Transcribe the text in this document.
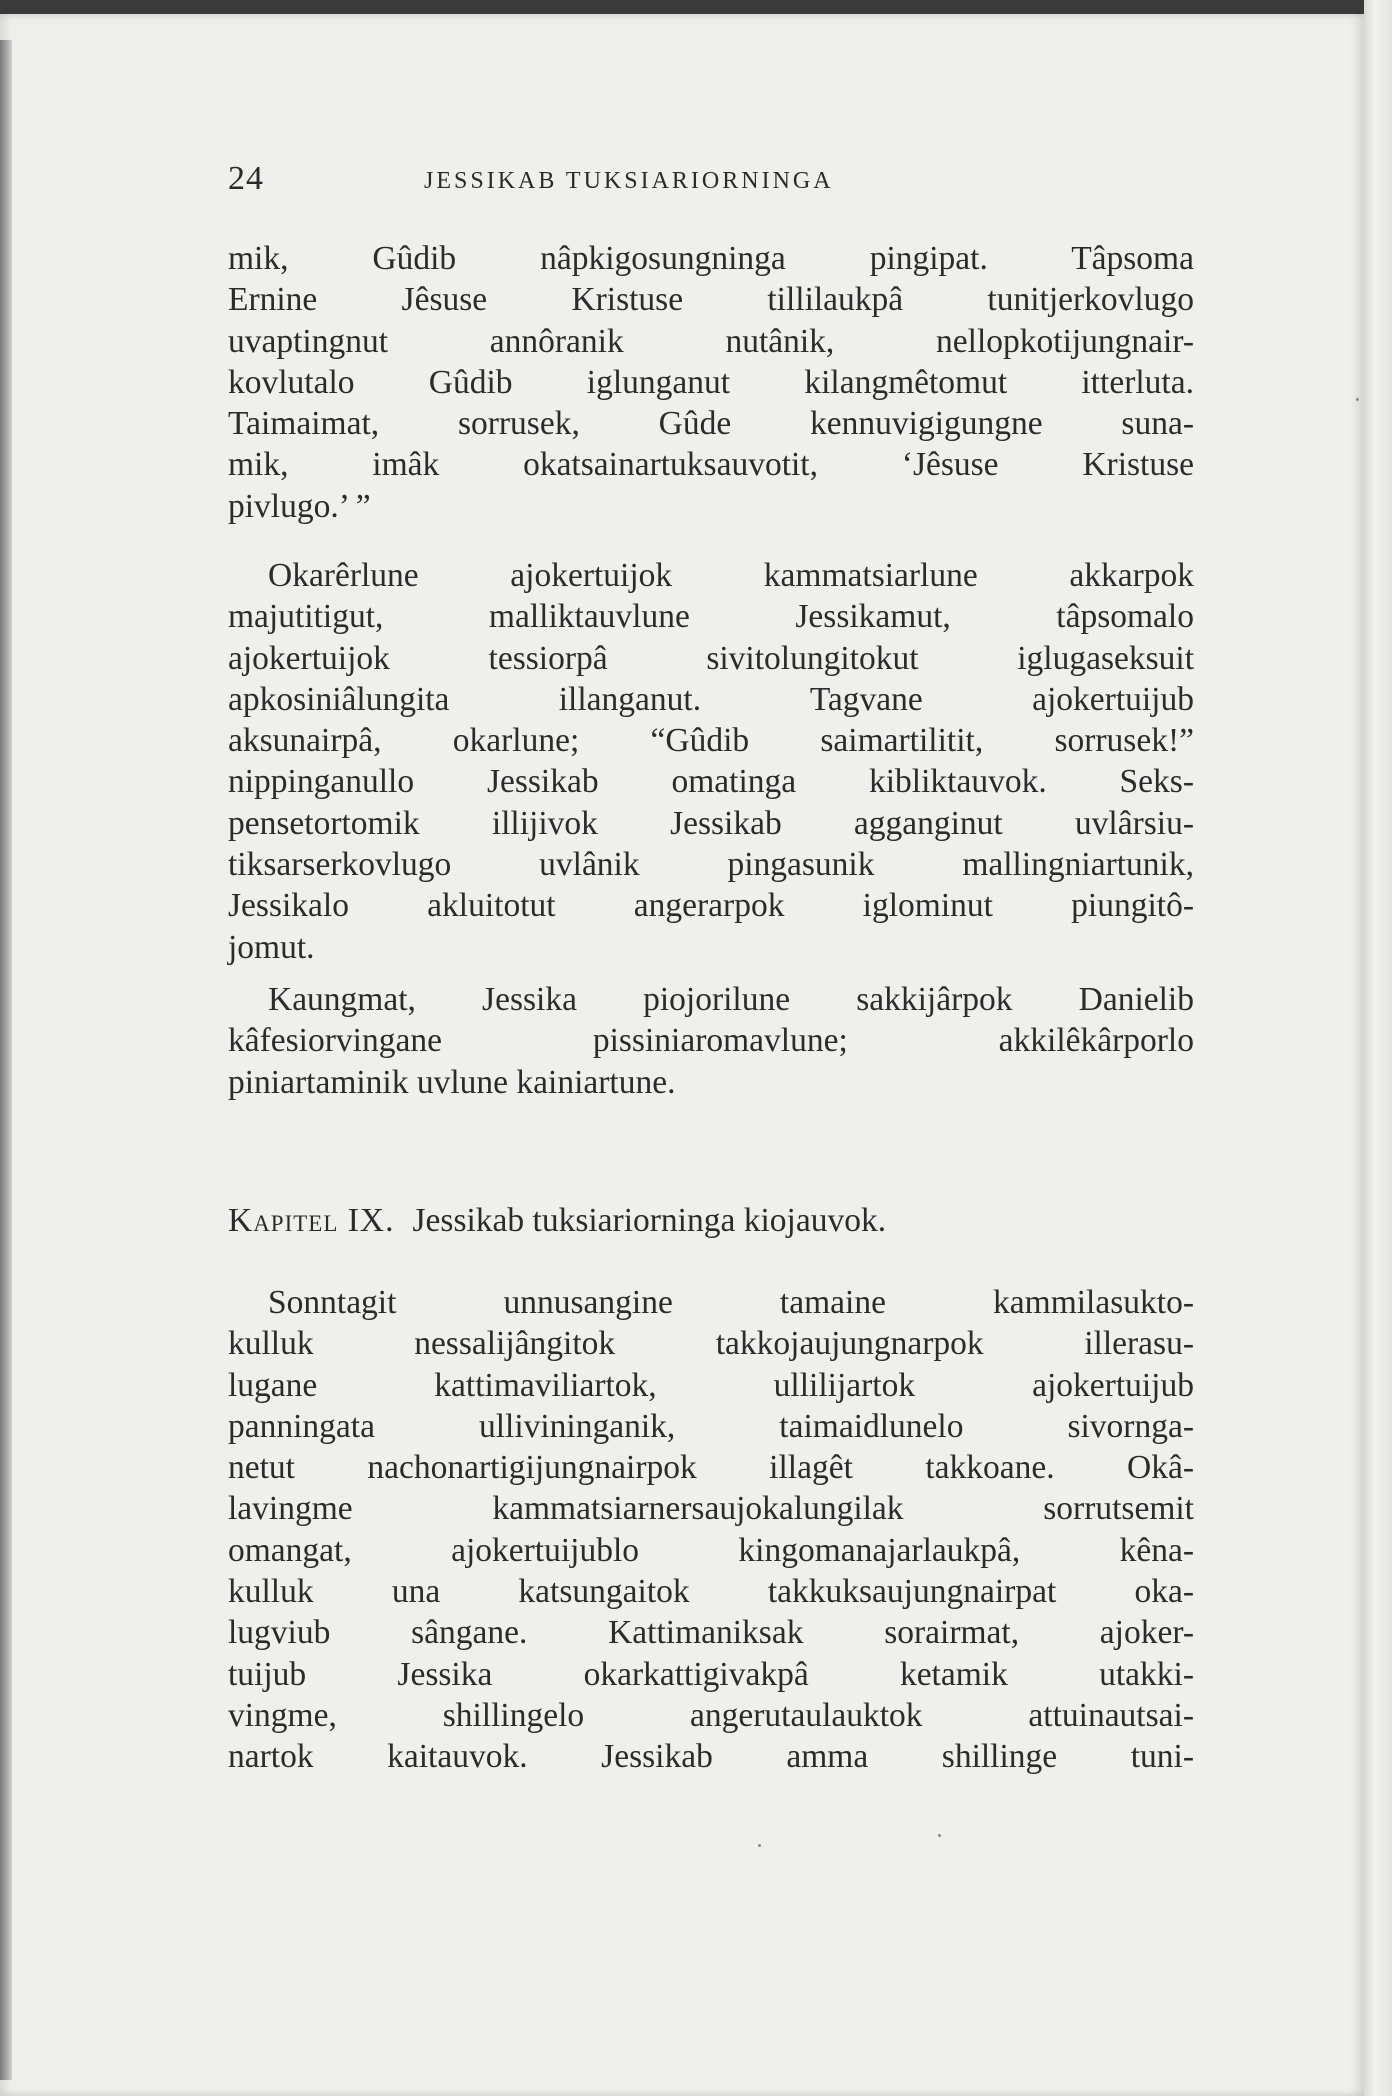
24	JESSIKAB TUKSIARIORNINGA
mik, Gûdib nâpkigosungninga pingipat. Tâpsoma
Ernine Jêsuse Kristuse tillilaukpâ tunitjerkovlugo
uvaptingnut annôranik nutânik, nellopkotijungnair-
kovlutalo Gûdib iglunganut kilangmêtomut itterluta.
Taimaimat, sorrusek, Gûde kennuvigigungne suna-
mik, imâk okatsainartuksauvotit, ‘Jêsuse Kristuse
pivlugo.’ ”
Okarêrlune ajokertuijok kammatsiarlune akkarpok
majutitigut, malliktauvlune Jessikamut, tâpsomalo
ajokertuijok tessiorpâ sivitolungitokut iglugaseksuit
apkosiniâlungita illanganut. Tagvane ajokertuijub
aksunairpâ, okarlune; “Gûdib saimartilitit, sorrusek!”
nippinganullo Jessikab omatinga kibliktauvok. Seks-
pensetortomik illijivok Jessikab agganginut uvlârsiu-
tiksarserkovlugo uvlânik pingasunik mallingniartunik,
Jessikalo akluitotut angerarpok iglominut piungitô-
jomut.
Kaungmat, Jessika piojorilune sakkijârpok Danielib
kâfesiorvingane pissiniaromavlune; akkilêkârporlo
piniartaminik uvlune kainiartune.
Kapitel IX. Jessikab tuksiariorninga kiojauvok.
Sonntagit unnusangine tamaine kammilasukto-
kulluk nessalijângitok takkojaujungnarpok illerasu-
lugane kattimaviliartok, ullilijartok ajokertuijub
panningata ullivininganik, taimaidlunelo sivornga-
netut nachonartigijungnairpok illagêt takkoane. Okâ-
lavingme kammatsiarnersaujokalungilak sorrutsemit
omangat, ajokertuijublo kingomanajarlaukpâ, kêna-
kulluk una katsungaitok takkuksaujungnairpat oka-
lugviub sângane. Kattimaniksak sorairmat, ajoker-
tuijub Jessika okarkattigivakpâ ketamik utakki-
vingme, shillingelo angerutaulauktok attuinautsai-
nartok kaitauvok. Jessikab amma shillinge tuni-
